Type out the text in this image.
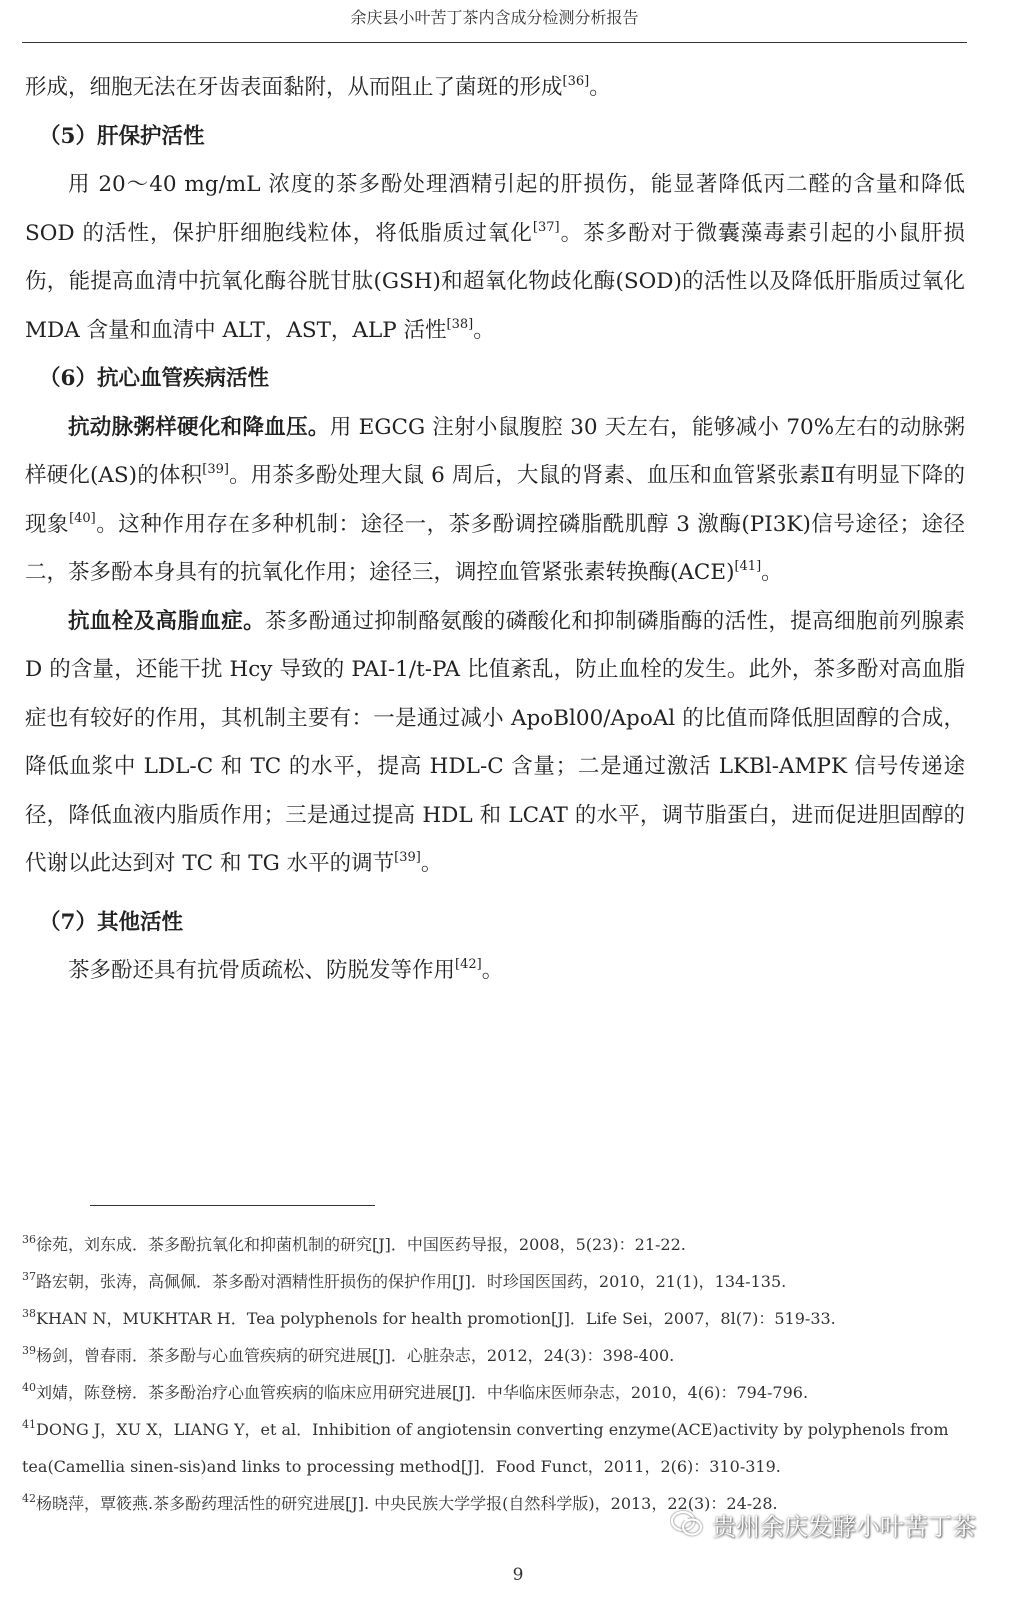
余庆县小叶苦丁茶内含成分检测分析报告

形成，细胞无法在牙齿表面黏附，从而阻止了菌斑的形成[36]。

（5）肝保护活性

用 20～40 mg/mL 浓度的茶多酚处理酒精引起的肝损伤，能显著降低丙二醛的含量和降低 SOD 的活性，保护肝细胞线粒体，将低脂质过氧化[37]。茶多酚对于微囊藻毒素引起的小鼠肝损伤，能提高血清中抗氧化酶谷胱甘肽(GSH)和超氧化物歧化酶(SOD)的活性以及降低肝脂质过氧化 MDA 含量和血清中 ALT，AST，ALP 活性[38]。

（6）抗心血管疾病活性

抗动脉粥样硬化和降血压。用 EGCG 注射小鼠腹腔 30 天左右，能够减小 70%左右的动脉粥样硬化(AS)的体积[39]。用茶多酚处理大鼠 6 周后，大鼠的肾素、血压和血管紧张素Ⅱ有明显下降的现象[40]。这种作用存在多种机制：途径一，茶多酚调控磷脂酰肌醇 3 激酶(PI3K)信号途径；途径二，茶多酚本身具有的抗氧化作用；途径三，调控血管紧张素转换酶(ACE)[41]。

抗血栓及高脂血症。茶多酚通过抑制酪氨酸的磷酸化和抑制磷脂酶的活性，提高细胞前列腺素 D 的含量，还能干扰 Hcy 导致的 PAI-1/t-PA 比值紊乱，防止血栓的发生。此外，茶多酚对高血脂症也有较好的作用，其机制主要有：一是通过减小 ApoBl00/ApoAl 的比值而降低胆固醇的合成，降低血浆中 LDL-C 和 TC 的水平，提高 HDL-C 含量；二是通过激活 LKBl-AMPK 信号传递途径，降低血液内脂质作用；三是通过提高 HDL 和 LCAT 的水平，调节脂蛋白，进而促进胆固醇的代谢以此达到对 TC 和 TG 水平的调节[39]。

（7）其他活性

茶多酚还具有抗骨质疏松、防脱发等作用[42]。

$^{36}$徐苑，刘东成．茶多酚抗氧化和抑菌机制的研究[J]．中国医药导报，2008，5(23)：21-22.

$^{37}$路宏朝，张涛，高佩佩．茶多酚对酒精性肝损伤的保护作用[J]．时珍国医国药，2010，21(1)，134-135.

$^{38}$KHAN N，MUKHTAR H．Tea polyphenols for health promotion[J]．Life Sei，2007，8l(7)：519-33.

$^{39}$杨剑，曾春雨．茶多酚与心血管疾病的研究进展[J]．心脏杂志，2012，24(3)：398-400.

$^{40}$刘婧，陈登榜．茶多酚治疗心血管疾病的临床应用研究进展[J]．中华临床医师杂志，2010，4(6)：794-796.

$^{41}$DONG J，XU X，LIANG Y，et al．Inhibition of angiotensin converting enzyme(ACE)activity by polyphenols from tea(Camellia sinen-sis)and links to processing method[J]．Food Funct，2011，2(6)：310-319.

$^{42}$杨晓萍，覃筱燕.茶多酚药理活性的研究进展[J]. 中央民族大学学报(自然科学版)，2013，22(3)：24-28.

贵州余庆发酵小叶苦丁茶
9
